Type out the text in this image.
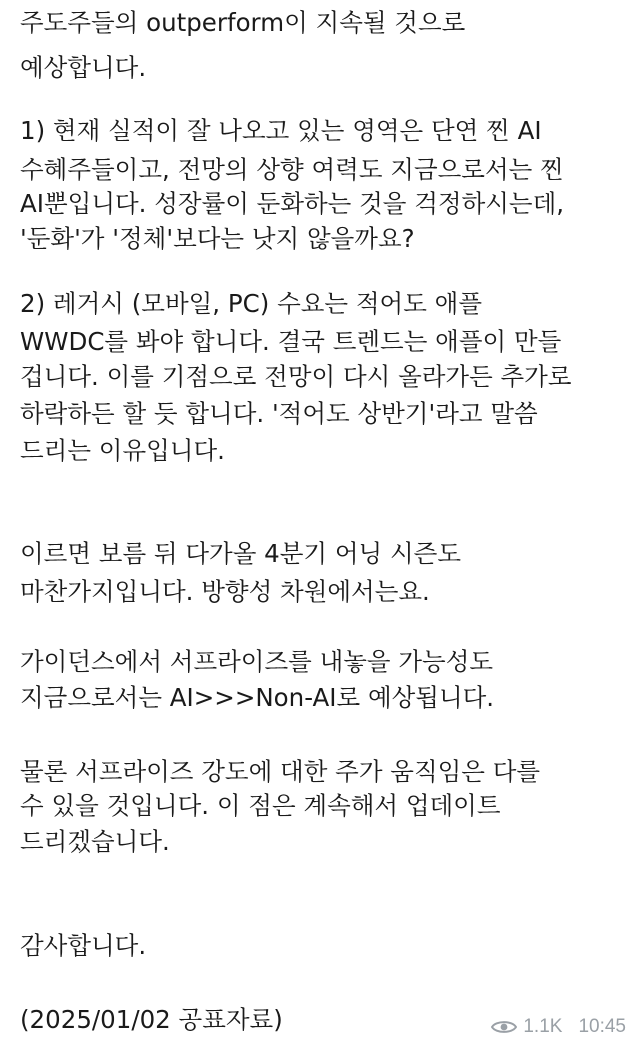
주도주들의 outperform이 지속될 것으로
예상합니다.
1) 현재 실적이 잘 나오고 있는 영역은 단연 찐 AI
수혜주들이고, 전망의 상향 여력도 지금으로서는 찐
AI뿐입니다. 성장률이 둔화하는 것을 걱정하시는데,
'둔화'가 '정체'보다는 낫지 않을까요?
2) 레거시 (모바일, PC) 수요는 적어도 애플
WWDC를 봐야 합니다. 결국 트렌드는 애플이 만들
겁니다. 이를 기점으로 전망이 다시 올라가든 추가로
하락하든 할 듯 합니다. '적어도 상반기'라고 말씀
드리는 이유입니다.
이르면 보름 뒤 다가올 4분기 어닝 시즌도
마찬가지입니다. 방향성 차원에서는요.
가이던스에서 서프라이즈를 내놓을 가능성도
지금으로서는 AI>>>Non-AI로 예상됩니다.
물론 서프라이즈 강도에 대한 주가 움직임은 다를
수 있을 것입니다. 이 점은 계속해서 업데이트
드리겠습니다.
감사합니다.
(2025/01/02 공표자료)	1.1K 10:45
